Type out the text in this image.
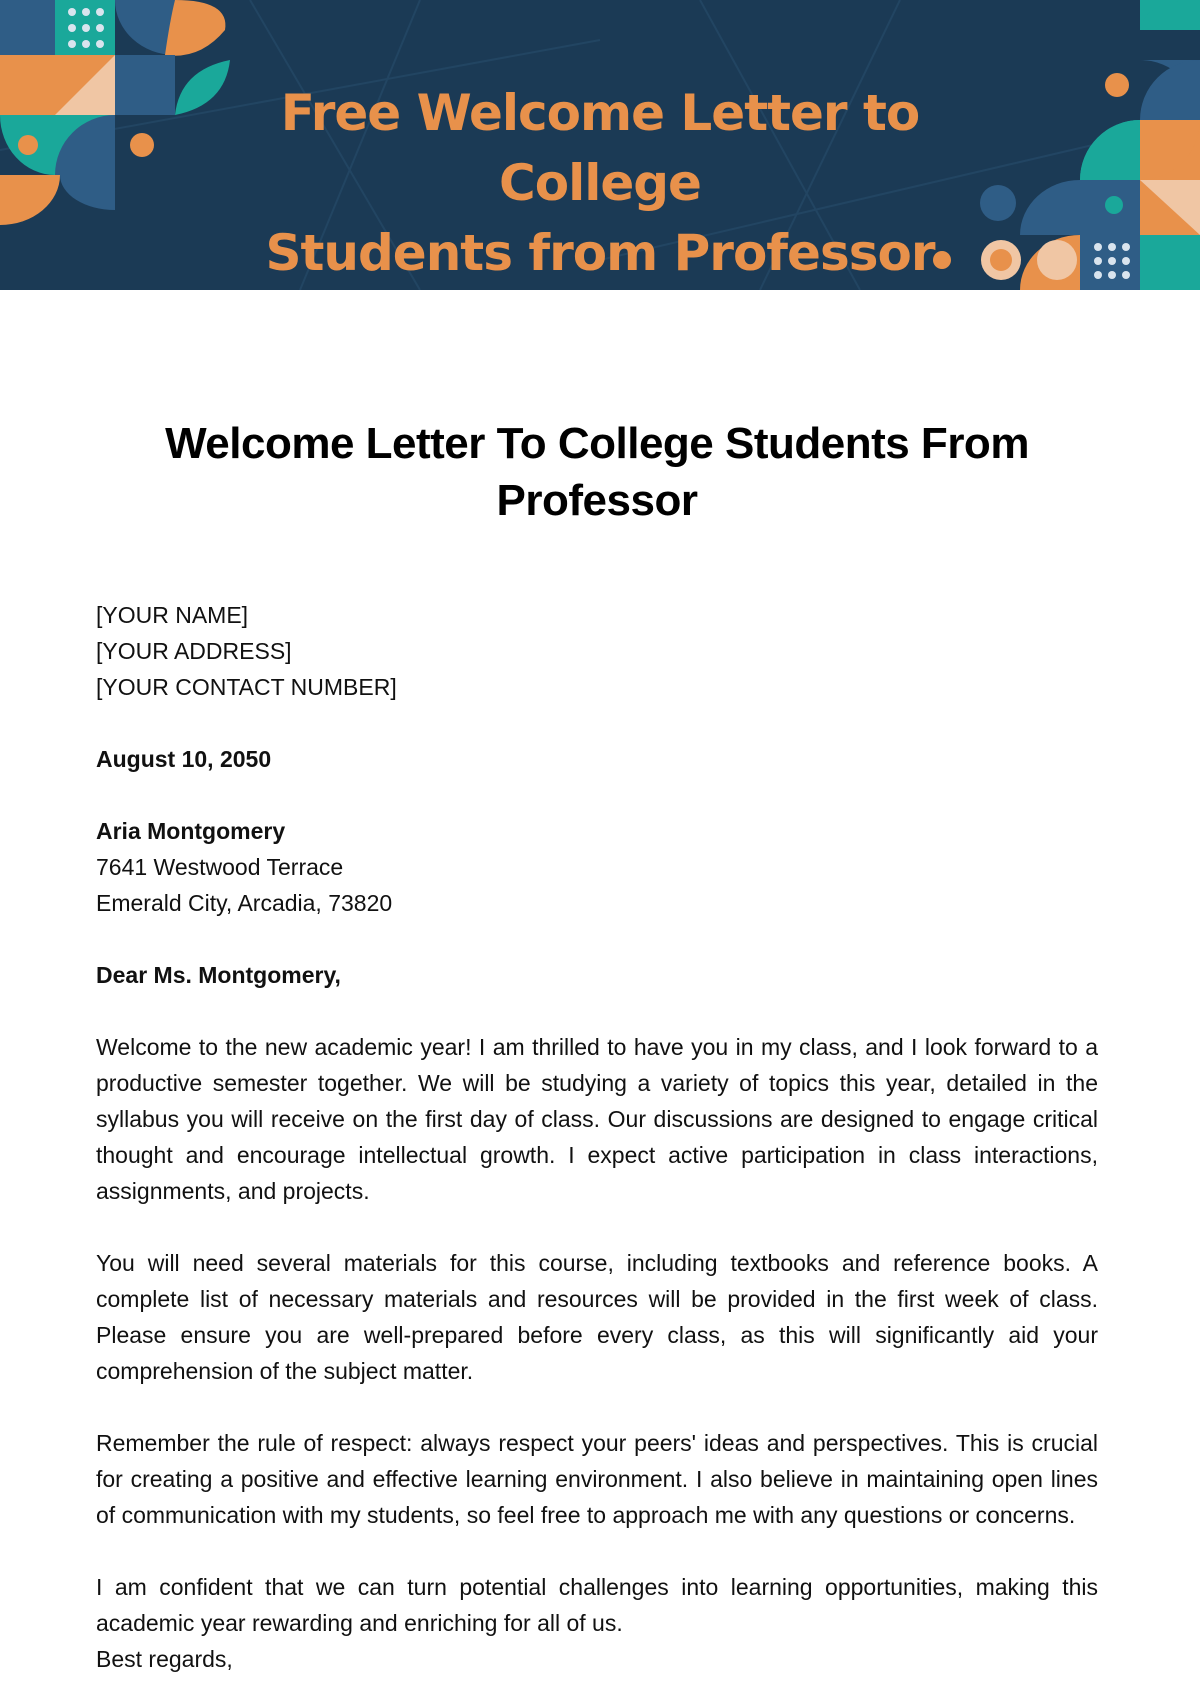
Free Welcome Letter to College
Students from Professor
Welcome Letter To College Students From Professor
[YOUR NAME]
[YOUR ADDRESS]
[YOUR CONTACT NUMBER]
August 10, 2050
Aria Montgomery
7641 Westwood Terrace
Emerald City, Arcadia, 73820
Dear Ms. Montgomery,

Welcome to the new academic year! I am thrilled to have you in my class, and I look forward to a productive semester together. We will be studying a variety of topics this year, detailed in the syllabus you will receive on the first day of class. Our discussions are designed to engage critical thought and encourage intellectual growth. I expect active participation in class interactions, assignments, and projects.

You will need several materials for this course, including textbooks and reference books. A complete list of necessary materials and resources will be provided in the first week of class. Please ensure you are well-prepared before every class, as this will significantly aid your comprehension of the subject matter.

Remember the rule of respect: always respect your peers' ideas and perspectives. This is crucial for creating a positive and effective learning environment. I also believe in maintaining open lines of communication with my students, so feel free to approach me with any questions or concerns.

I am confident that we can turn potential challenges into learning opportunities, making this academic year rewarding and enriching for all of us.

Best regards,
